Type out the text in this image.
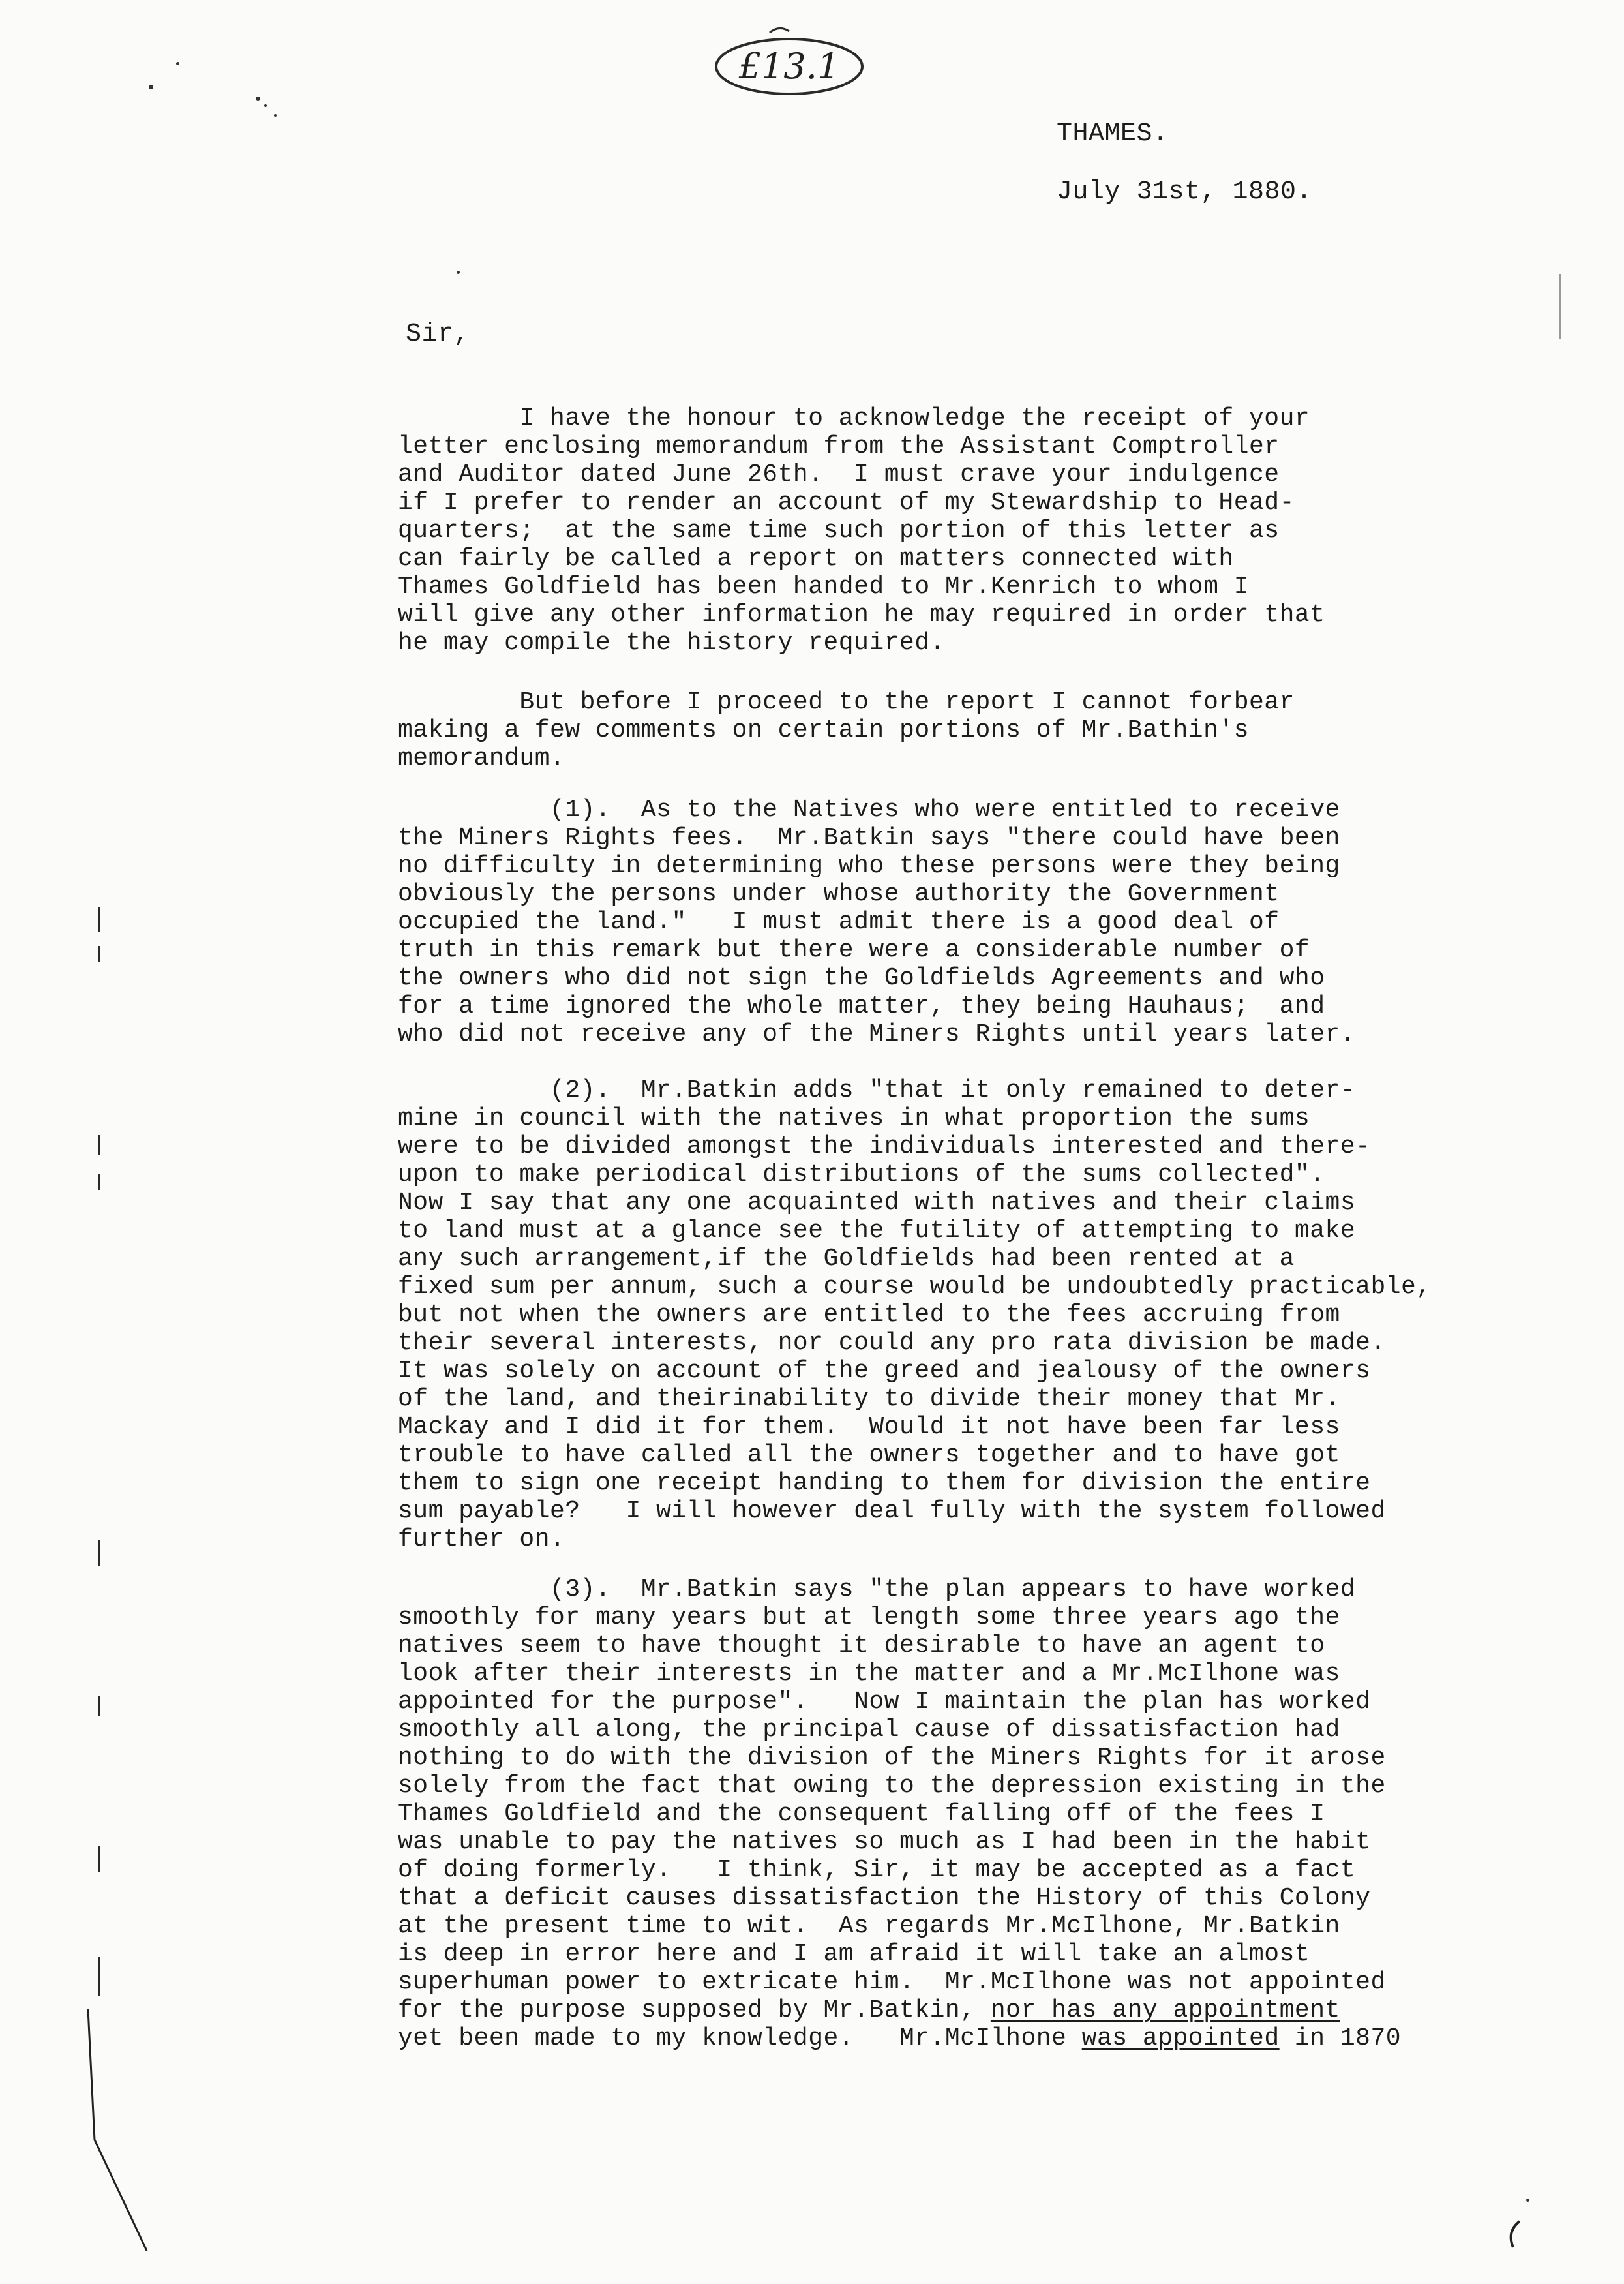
£13.1
THAMES.
July 31st, 1880.
Sir,
I have the honour to acknowledge the receipt of your
letter enclosing memorandum from the Assistant Comptroller
and Auditor dated June 26th.  I must crave your indulgence
if I prefer to render an account of my Stewardship to Head-
quarters;  at the same time such portion of this letter as
can fairly be called a report on matters connected with
Thames Goldfield has been handed to Mr.Kenrich to whom I
will give any other information he may required in order that
he may compile the history required.
But before I proceed to the report I cannot forbear
making a few comments on certain portions of Mr.Bathin's
memorandum.
(1).  As to the Natives who were entitled to receive
the Miners Rights fees.  Mr.Batkin says "there could have been
no difficulty in determining who these persons were they being
obviously the persons under whose authority the Government
occupied the land."   I must admit there is a good deal of
truth in this remark but there were a considerable number of
the owners who did not sign the Goldfields Agreements and who
for a time ignored the whole matter, they being Hauhaus;  and
who did not receive any of the Miners Rights until years later.
(2).  Mr.Batkin adds "that it only remained to deter-
mine in council with the natives in what proportion the sums
were to be divided amongst the individuals interested and there-
upon to make periodical distributions of the sums collected".
Now I say that any one acquainted with natives and their claims
to land must at a glance see the futility of attempting to make
any such arrangement,if the Goldfields had been rented at a
fixed sum per annum, such a course would be undoubtedly practicable,
but not when the owners are entitled to the fees accruing from
their several interests, nor could any pro rata division be made.
It was solely on account of the greed and jealousy of the owners
of the land, and theirinability to divide their money that Mr.
Mackay and I did it for them.  Would it not have been far less
trouble to have called all the owners together and to have got
them to sign one receipt handing to them for division the entire
sum payable?   I will however deal fully with the system followed
further on.
(3).  Mr.Batkin says "the plan appears to have worked
smoothly for many years but at length some three years ago the
natives seem to have thought it desirable to have an agent to
look after their interests in the matter and a Mr.McIlhone was
appointed for the purpose".   Now I maintain the plan has worked
smoothly all along, the principal cause of dissatisfaction had
nothing to do with the division of the Miners Rights for it arose
solely from the fact that owing to the depression existing in the
Thames Goldfield and the consequent falling off of the fees I
was unable to pay the natives so much as I had been in the habit
of doing formerly.   I think, Sir, it may be accepted as a fact
that a deficit causes dissatisfaction the History of this Colony
at the present time to wit.  As regards Mr.McIlhone, Mr.Batkin
is deep in error here and I am afraid it will take an almost
superhuman power to extricate him.  Mr.McIlhone was not appointed
for the purpose supposed by Mr.Batkin, nor has any appointment
yet been made to my knowledge.   Mr.McIlhone was appointed in 1870
